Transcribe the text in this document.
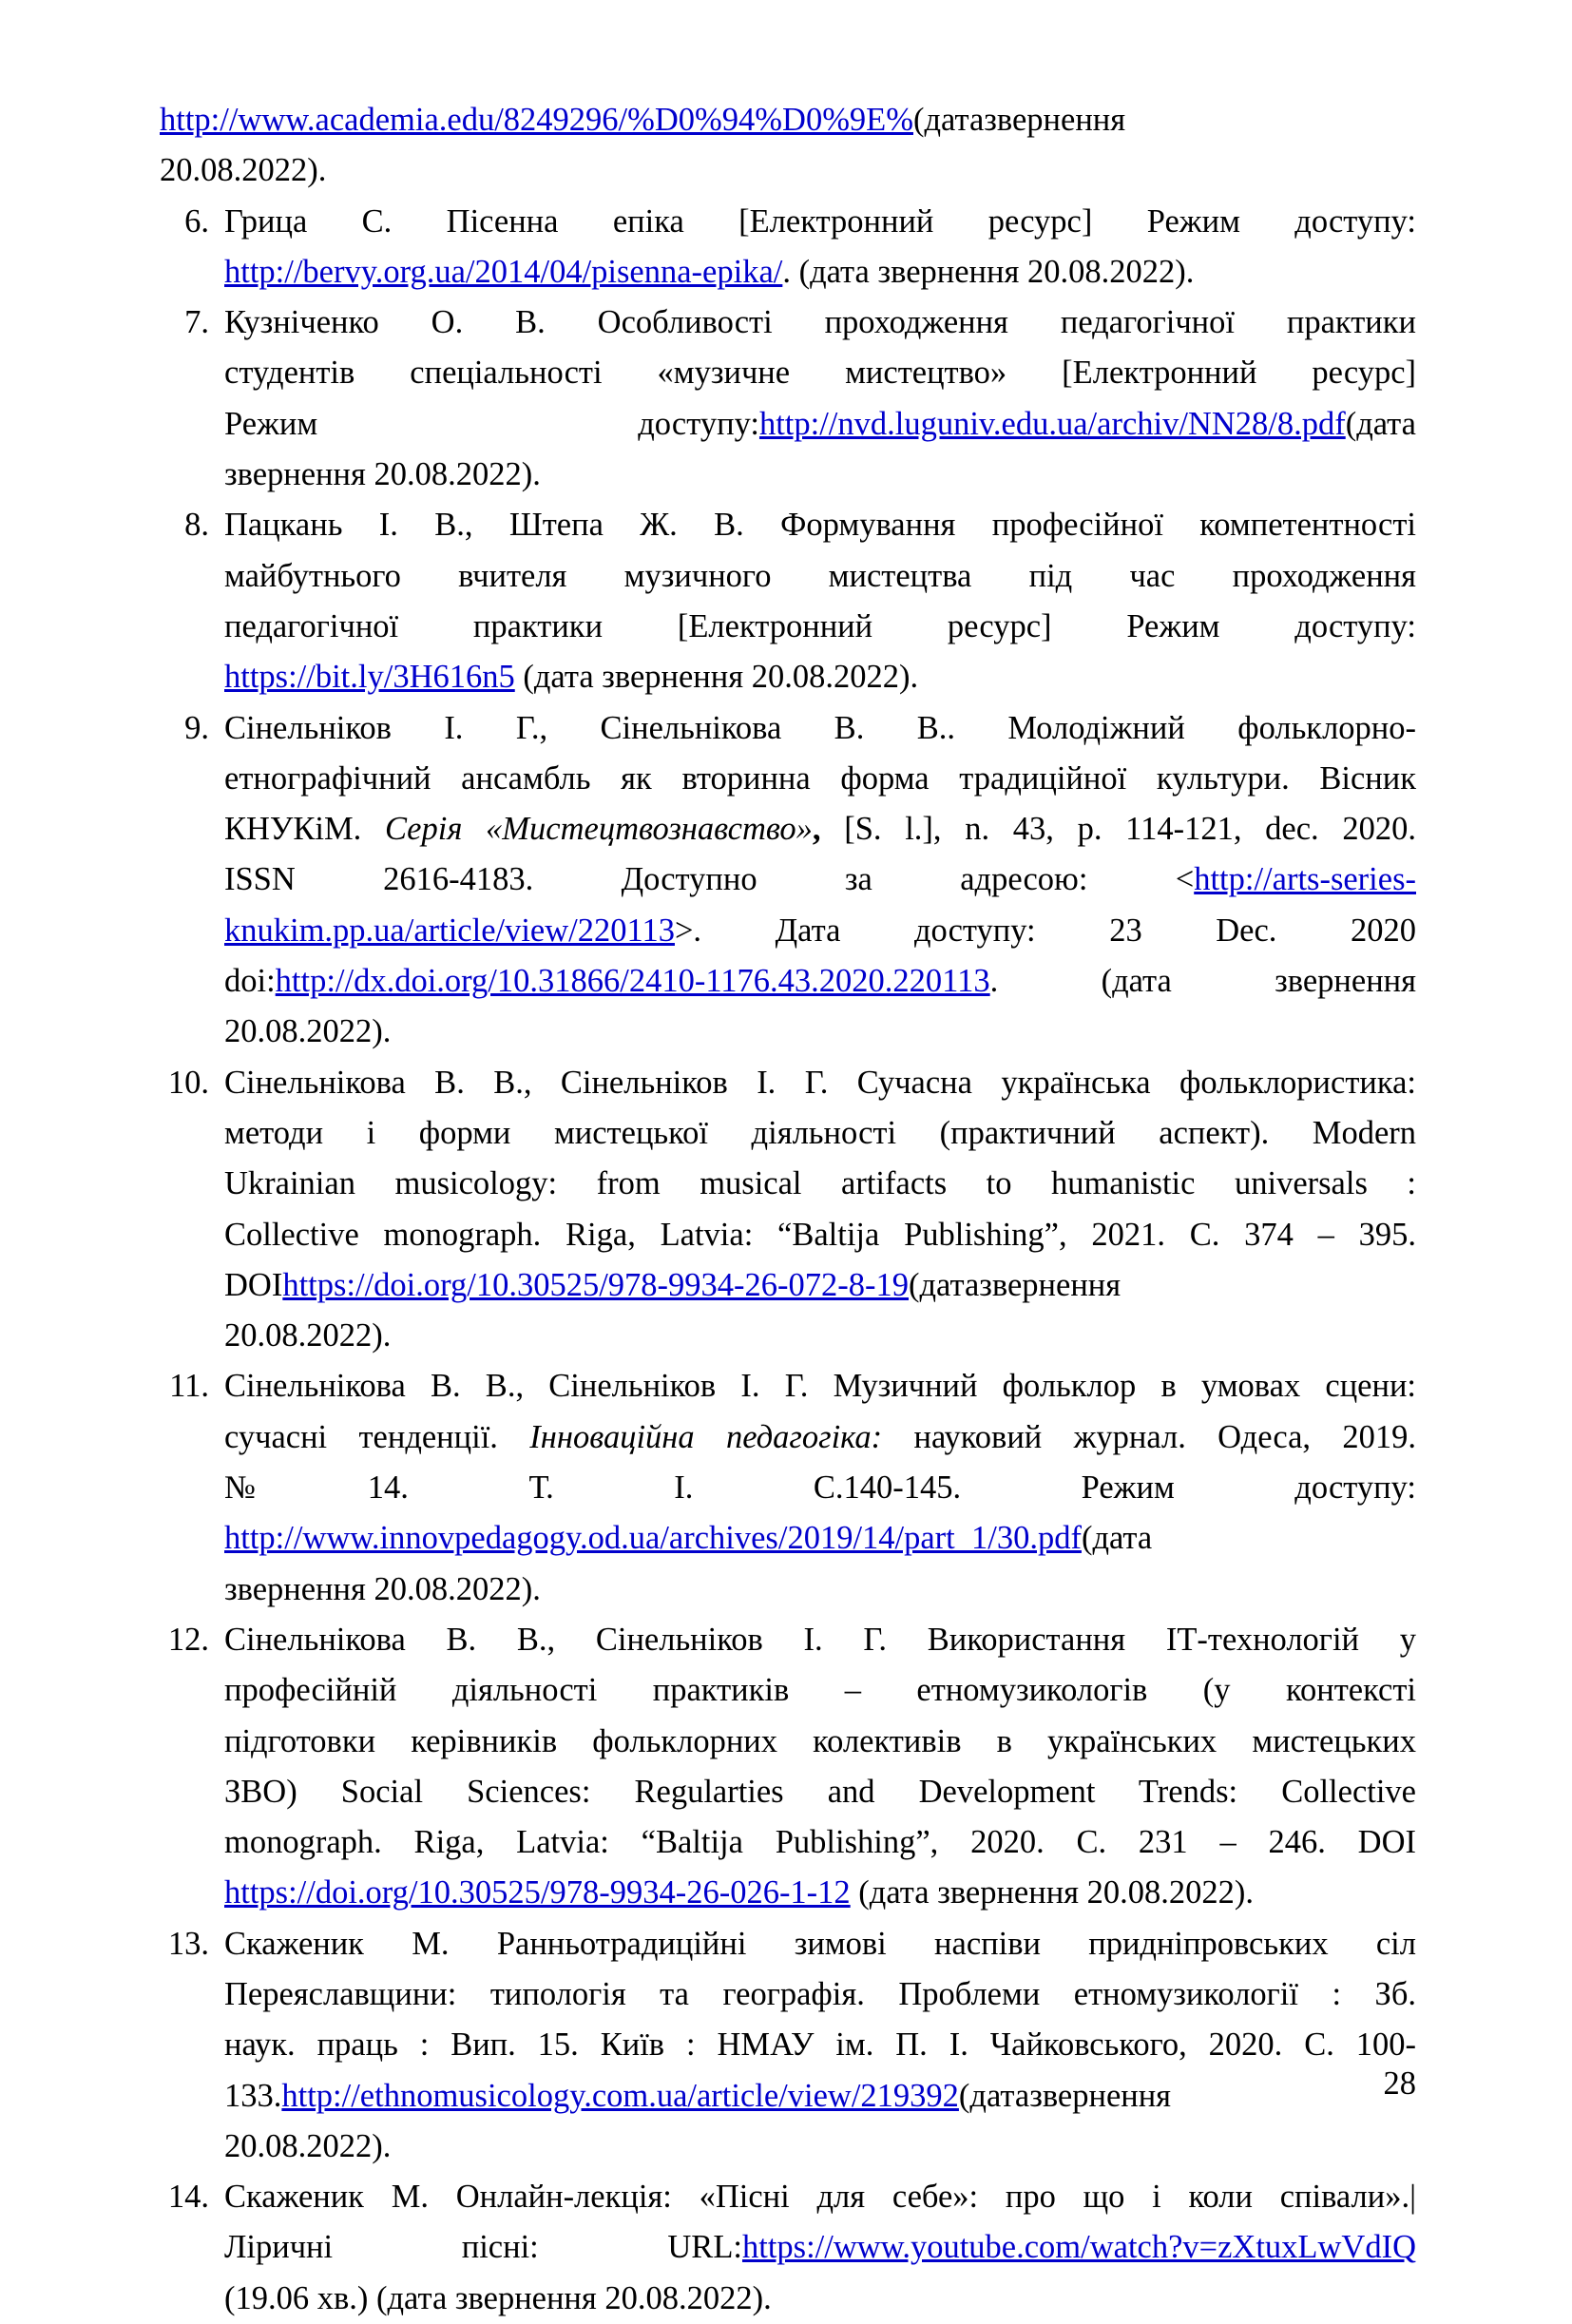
http://www.academia.edu/8249296/%D0%94%D0%9E%(датазвернення
20.08.2022).
6. Грица С. Пісенна епіка [Електронний ресурс] Режим доступу:
http://bervy.org.ua/2014/04/pisenna-epika/. (дата звернення 20.08.2022).
7. Кузніченко О. В. Особливості проходження педагогічної практики
студентів спеціальності «музичне мистецтво» [Електронний ресурс]
Режим доступу:http://nvd.luguniv.edu.ua/archiv/NN28/8.pdf(дата
звернення 20.08.2022).
8. Пацкань І. В., Штепа Ж. В. Формування професійної компетентності
майбутнього вчителя музичного мистецтва під час проходження
педагогічної практики [Електронний ресурс] Режим доступу:
https://bit.ly/3H616n5 (дата звернення 20.08.2022).
9. Сінельніков І. Г., Сінельнікова В. В.. Молодіжний фольклорно-
етнографічний ансамбль як вторинна форма традиційної культури. Вісник
КНУКіМ. Серія «Мистецтвознавство», [S. l.], n. 43, p. 114-121, dec. 2020.
ISSN 2616-4183. Доступно за адресою: <http://arts-series-
knukim.pp.ua/article/view/220113>. Дата доступу: 23 Dec. 2020
doi:http://dx.doi.org/10.31866/2410-1176.43.2020.220113. (дата звернення
20.08.2022).
10. Сінельнікова В. В., Сінельніков І. Г. Сучасна українська фольклористика:
методи і форми мистецької діяльності (практичний аспект). Modern
Ukrainian musicology: from musical artifacts to humanistic universals :
Collective monograph. Riga, Latvia: “Baltija Publishing”, 2021. С. 374 – 395.
DOIhttps://doi.org/10.30525/978-9934-26-072-8-19(датазвернення
20.08.2022).
11. Сінельнікова В. В., Сінельніков І. Г. Музичний фольклор в умовах сцени:
сучасні тенденції. Інноваційна педагогіка: науковий журнал. Одеса, 2019.
№14. Т. І. С.140-145. Режим доступу:
http://www.innovpedagogy.od.ua/archives/2019/14/part_1/30.pdf(дата
звернення 20.08.2022).
12. Сінельнікова В. В., Сінельніков І. Г. Використання ІТ-технологій у
професійній діяльності практиків – етномузикологів (у контексті
підготовки керівників фольклорних колективів в українських мистецьких
ЗВО) Social Sciences: Regularties and Development Trends: Collective
monograph. Riga, Latvia: “Baltija Publishing”, 2020. С. 231 – 246. DOI
https://doi.org/10.30525/978-9934-26-026-1-12 (дата звернення 20.08.2022).
13. Скаженик М. Ранньотрадиційні зимові наспіви придніпровських сіл
Переяславщини: типологія та географія. Проблеми етномузикології : Зб.
наук. праць : Вип. 15. Київ : НМАУ ім. П. І. Чайковського, 2020. С. 100-
133.http://ethnomusicology.com.ua/article/view/219392(датазвернення
20.08.2022).
14. Скаженик М. Онлайн-лекція: «Пісні для себе»: про що і коли співали».|
Ліричні пісні: URL:https://www.youtube.com/watch?v=zXtuxLwVdIQ
(19.06 хв.) (дата звернення 20.08.2022).
28
